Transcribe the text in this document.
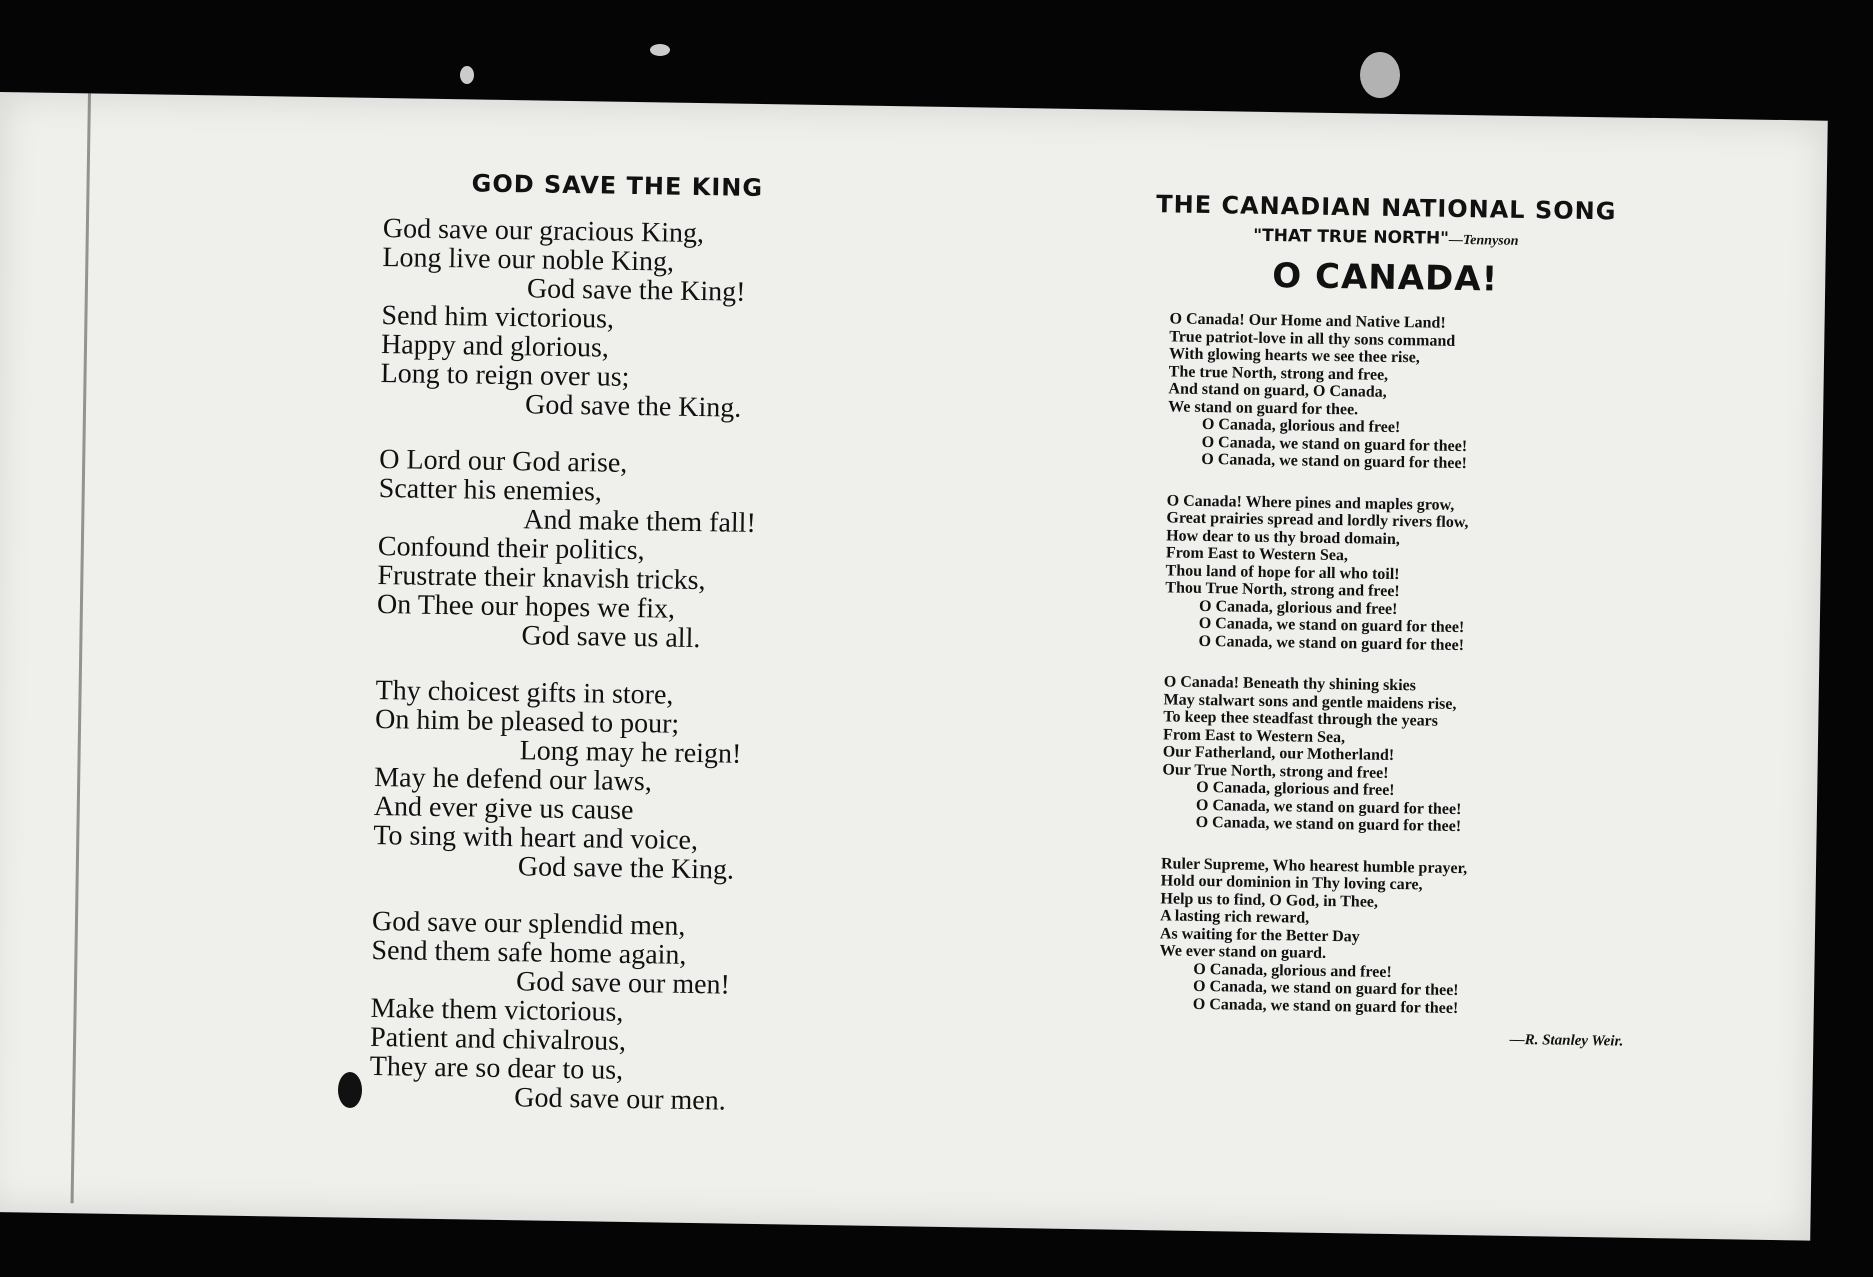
GOD SAVE THE KING
God save our gracious King,
Long live our noble King,
God save the King!
Send him victorious,
Happy and glorious,
Long to reign over us;
God save the King.
O Lord our God arise,
Scatter his enemies,
And make them fall!
Confound their politics,
Frustrate their knavish tricks,
On Thee our hopes we fix,
God save us all.
Thy choicest gifts in store,
On him be pleased to pour;
Long may he reign!
May he defend our laws,
And ever give us cause
To sing with heart and voice,
God save the King.
God save our splendid men,
Send them safe home again,
God save our men!
Make them victorious,
Patient and chivalrous,
They are so dear to us,
God save our men.
THE CANADIAN NATIONAL SONG
"THAT TRUE NORTH"—Tennyson
O CANADA!
O Canada! Our Home and Native Land!
True patriot-love in all thy sons command
With glowing hearts we see thee rise,
The true North, strong and free,
And stand on guard, O Canada,
We stand on guard for thee.
O Canada, glorious and free!
O Canada, we stand on guard for thee!
O Canada, we stand on guard for thee!
O Canada! Where pines and maples grow,
Great prairies spread and lordly rivers flow,
How dear to us thy broad domain,
From East to Western Sea,
Thou land of hope for all who toil!
Thou True North, strong and free!
O Canada, glorious and free!
O Canada, we stand on guard for thee!
O Canada, we stand on guard for thee!
O Canada! Beneath thy shining skies
May stalwart sons and gentle maidens rise,
To keep thee steadfast through the years
From East to Western Sea,
Our Fatherland, our Motherland!
Our True North, strong and free!
O Canada, glorious and free!
O Canada, we stand on guard for thee!
O Canada, we stand on guard for thee!
Ruler Supreme, Who hearest humble prayer,
Hold our dominion in Thy loving care,
Help us to find, O God, in Thee,
A lasting rich reward,
As waiting for the Better Day
We ever stand on guard.
O Canada, glorious and free!
O Canada, we stand on guard for thee!
O Canada, we stand on guard for thee!
—R. Stanley Weir.
